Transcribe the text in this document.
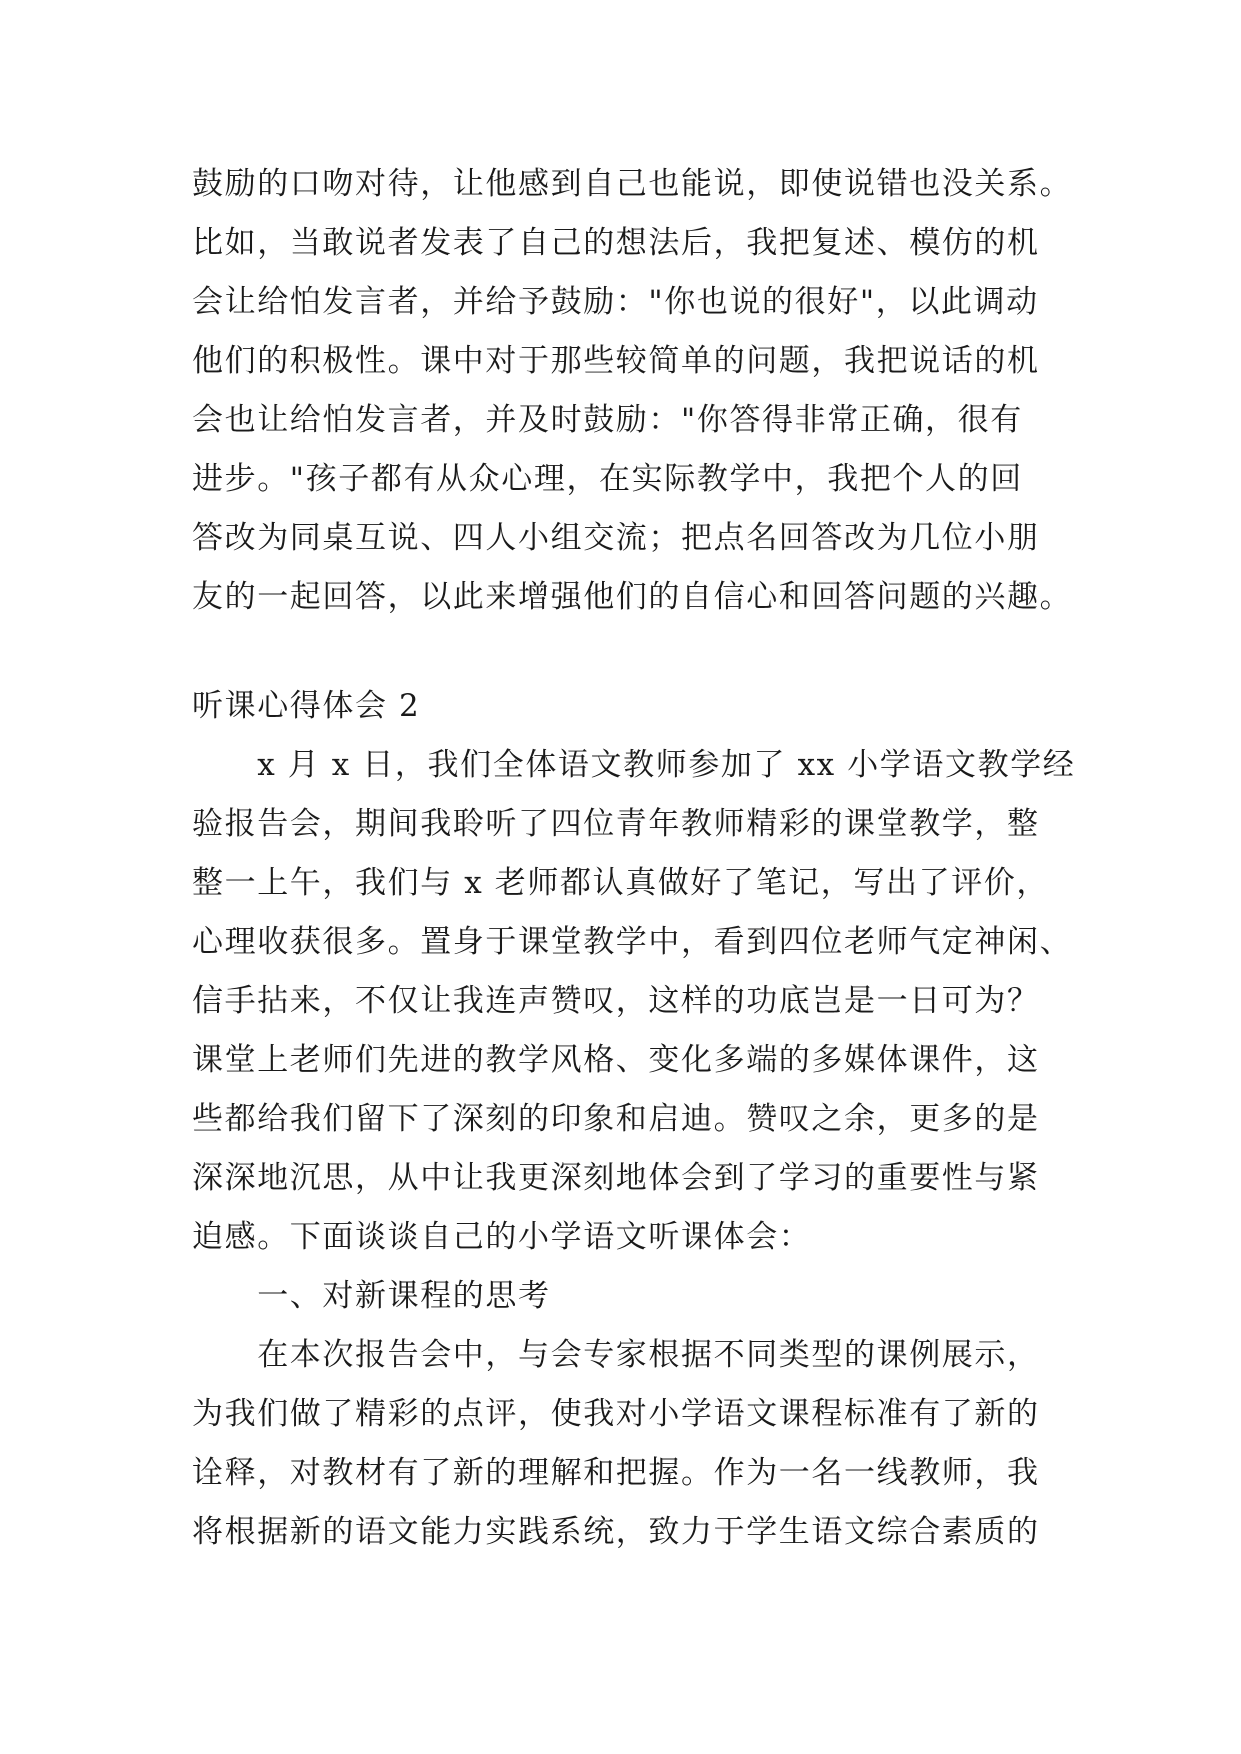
鼓励的口吻对待，让他感到自己也能说，即使说错也没关系。
比如，当敢说者发表了自己的想法后，我把复述、模仿的机
会让给怕发言者，并给予鼓励："你也说的很好"，以此调动
他们的积极性。课中对于那些较简单的问题，我把说话的机
会也让给怕发言者，并及时鼓励："你答得非常正确，很有
进步。"孩子都有从众心理，在实际教学中，我把个人的回
答改为同桌互说、四人小组交流；把点名回答改为几位小朋
友的一起回答，以此来增强他们的自信心和回答问题的兴趣。
听课心得体会 2
　　x 月 x 日，我们全体语文教师参加了 xx 小学语文教学经
验报告会，期间我聆听了四位青年教师精彩的课堂教学，整
整一上午，我们与 x 老师都认真做好了笔记，写出了评价，
心理收获很多。置身于课堂教学中，看到四位老师气定神闲、
信手拈来，不仅让我连声赞叹，这样的功底岂是一日可为？
课堂上老师们先进的教学风格、变化多端的多媒体课件，这
些都给我们留下了深刻的印象和启迪。赞叹之余，更多的是
深深地沉思，从中让我更深刻地体会到了学习的重要性与紧
迫感。下面谈谈自己的小学语文听课体会：
　　一、对新课程的思考
　　在本次报告会中，与会专家根据不同类型的课例展示，
为我们做了精彩的点评，使我对小学语文课程标准有了新的
诠释，对教材有了新的理解和把握。作为一名一线教师，我
将根据新的语文能力实践系统，致力于学生语文综合素质的
